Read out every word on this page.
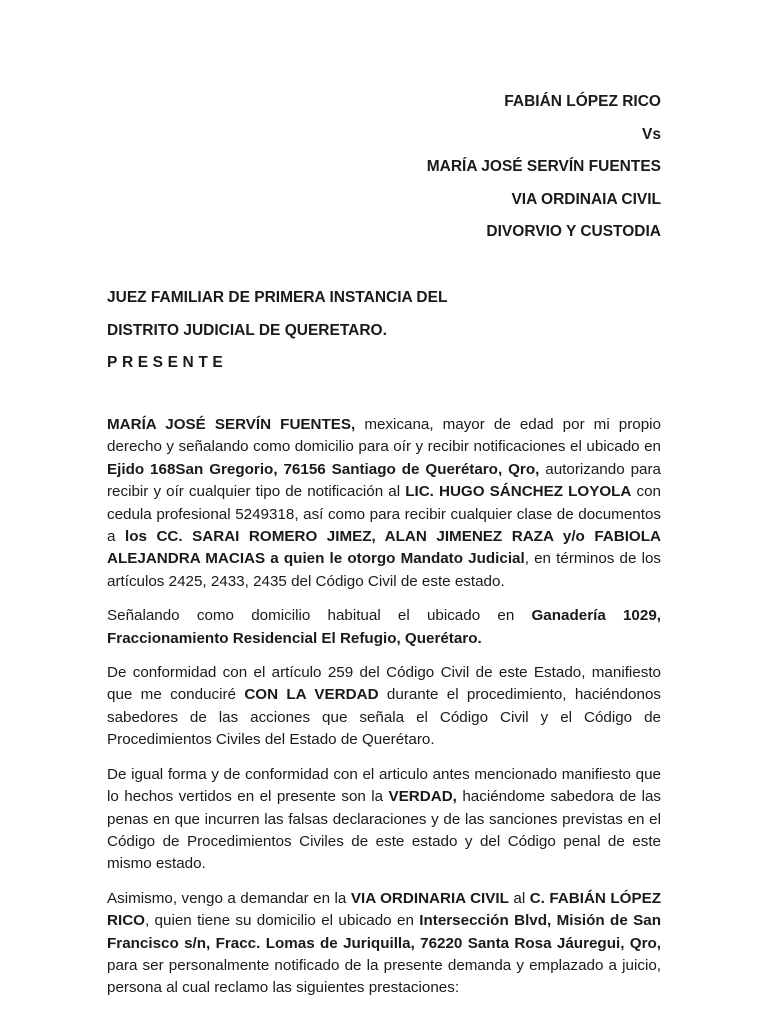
FABIÁN LÓPEZ RICO
Vs
MARÍA JOSÉ SERVÍN FUENTES
VIA ORDINAIA CIVIL
DIVORVIO Y CUSTODIA
JUEZ FAMILIAR DE PRIMERA INSTANCIA DEL
DISTRITO JUDICIAL DE QUERETARO.
PRESENTE

MARÍA JOSÉ SERVÍN FUENTES, mexicana, mayor de edad por mi propio derecho y señalando como domicilio para oír y recibir notificaciones el ubicado en Ejido 168San Gregorio, 76156 Santiago de Querétaro, Qro, autorizando para recibir y oír cualquier tipo de notificación al LIC. HUGO SÁNCHEZ LOYOLA con cedula profesional 5249318, así como para recibir cualquier clase de documentos a los CC. SARAI ROMERO JIMEZ, ALAN JIMENEZ RAZA y/o FABIOLA ALEJANDRA MACIAS a quien le otorgo Mandato Judicial, en términos de los artículos 2425, 2433, 2435 del Código Civil de este estado.

Señalando como domicilio habitual el ubicado en Ganadería 1029, Fraccionamiento Residencial El Refugio, Querétaro.

De conformidad con el artículo 259 del Código Civil de este Estado, manifiesto que me conduciré CON LA VERDAD durante el procedimiento, haciéndonos sabedores de las acciones que señala el Código Civil y el Código de Procedimientos Civiles del Estado de Querétaro.

De igual forma y de conformidad con el articulo antes mencionado manifiesto que lo hechos vertidos en el presente son la VERDAD, haciéndome sabedora de las penas en que incurren las falsas declaraciones y de las sanciones previstas en el Código de Procedimientos Civiles de este estado y del Código penal de este mismo estado.

Asimismo, vengo a demandar en la VIA ORDINARIA CIVIL al C. FABIÁN LÓPEZ RICO, quien tiene su domicilio el ubicado en Intersección Blvd, Misión de San Francisco s/n, Fracc. Lomas de Juriquilla, 76220 Santa Rosa Jáuregui, Qro, para ser personalmente notificado de la presente demanda y emplazado a juicio, persona al cual reclamo las siguientes prestaciones:
